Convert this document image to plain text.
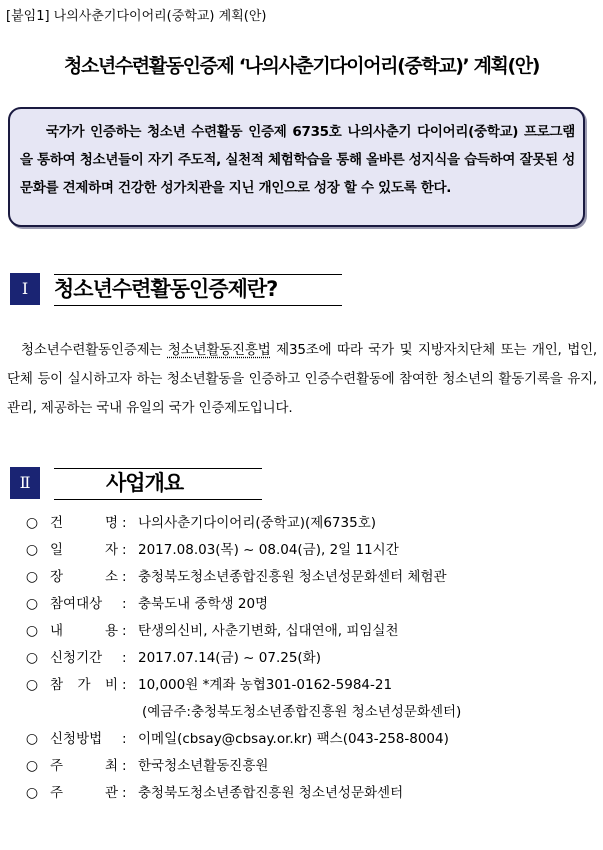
[붙임1] 나의사춘기다이어리(중학교) 계획(안)
청소년수련활동인증제 ‘나의사춘기다이어리(중학교)’ 계획(안)

국가가 인증하는 청소년 수련활동 인증제 6735호 나의사춘기 다이어리(중학교) 프로그램을 통하여 청소년들이 자기 주도적, 실천적 체험학습을 통해 올바른 성지식을 습득하여 잘못된 성문화를 견제하며 건강한 성가치관을 지닌 개인으로 성장 할 수 있도록 한다.

Ⅰ	청소년수련활동인증제란?

청소년수련활동인증제는 청소년활동진흥법 제35조에 따라 국가 및 지방자치단체 또는 개인, 법인, 단체 등이 실시하고자 하는 청소년활동을 인증하고 인증수련활동에 참여한 청소년의 활동기록을 유지, 관리, 제공하는 국내 유일의 국가 인증제도입니다.

Ⅱ	사업개요
○ 건	명 : 나의사춘기다이어리(중학교)(제6735호)
○ 일	자 : 2017.08.03(목) ~ 08.04(금), 2일 11시간
○ 장	소 : 충청북도청소년종합진흥원 청소년성문화센터 체험관
○ 참여대상 : 충북도내 중학생 20명
○ 내	용 : 탄생의신비, 사춘기변화, 십대연애, 피임실천
○ 신청기간 : 2017.07.14(금) ~ 07.25(화)
○ 참 가 비 : 10,000원 *계좌 농협301-0162-5984-21
(예금주:충청북도청소년종합진흥원 청소년성문화센터)
○ 신청방법 : 이메일(cbsay@cbsay.or.kr) 팩스(043-258-8004)
○ 주	최 : 한국청소년활동진흥원
○ 주	관 : 충청북도청소년종합진흥원 청소년성문화센터
